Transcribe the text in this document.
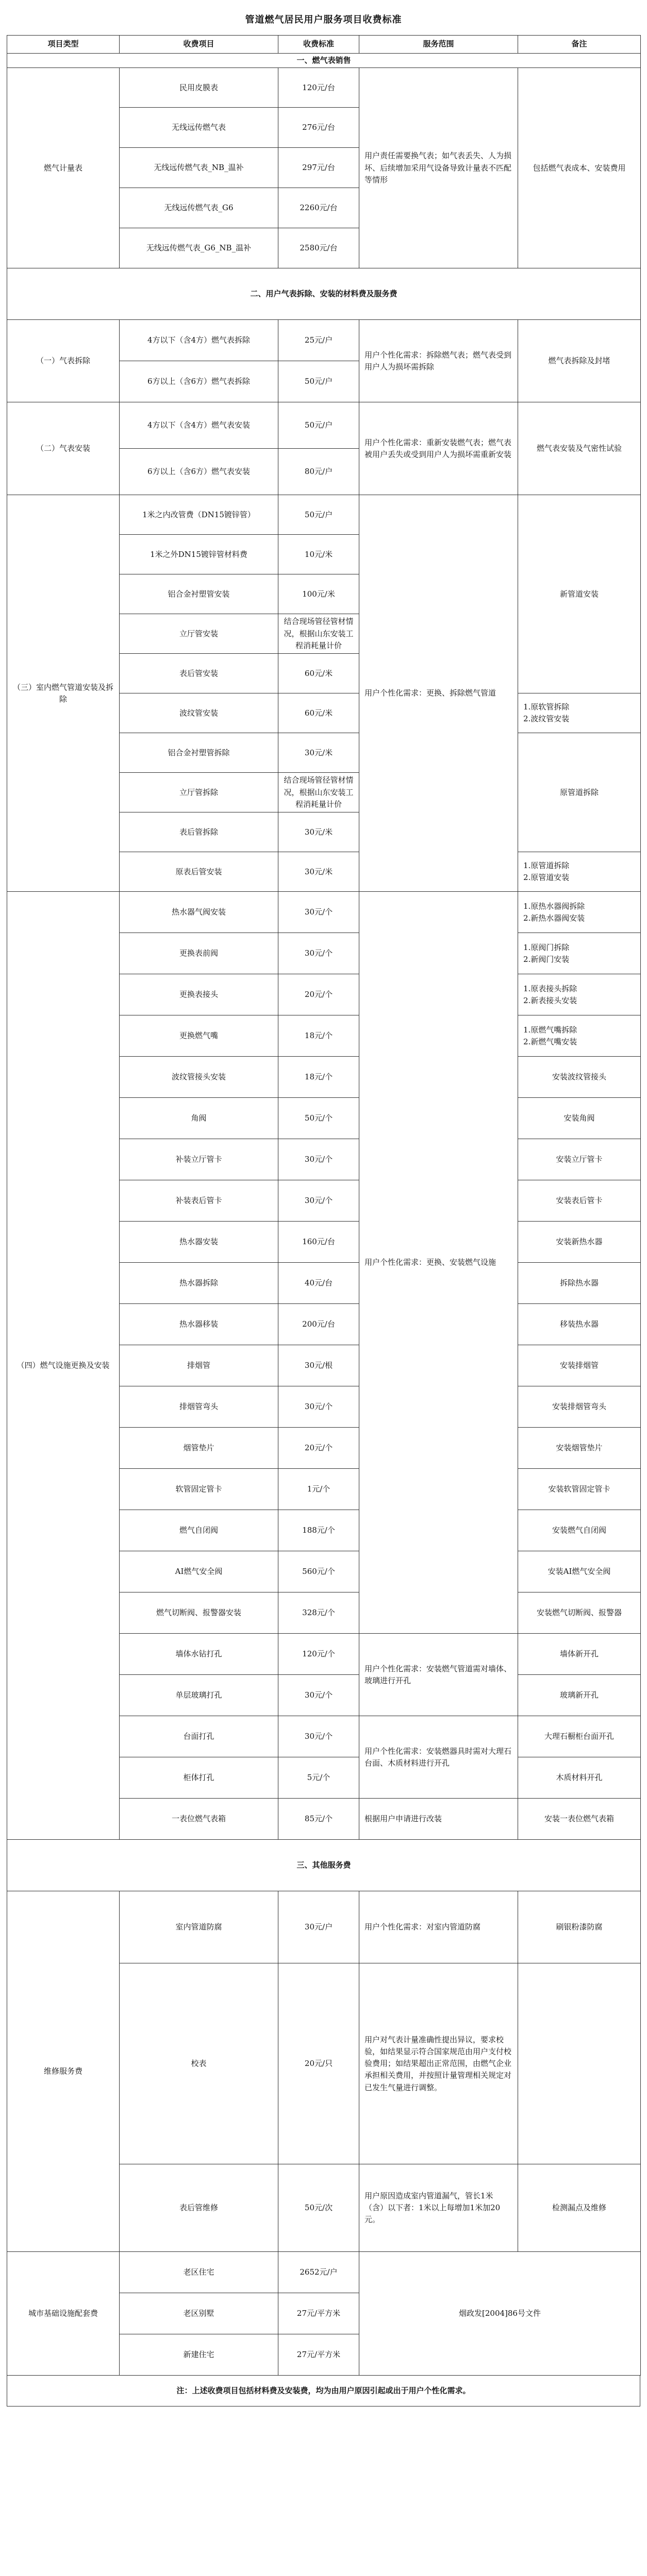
管道燃气居民用户服务项目收费标准
项目类型	收费项目	收费标准	服务范围	备注
一、燃气表销售				
燃气计量表	民用皮膜表	120元/台	用户责任需要换气表；如气表丢失、人为损坏、后续增加采用气设备导致计量表不匹配等情形	包括燃气表成本、安装费用
	无线远传燃气表	276元/台		
	无线远传燃气表_NB_温补	297元/台		
	无线远传燃气表_G6	2260元/台		
	无线远传燃气表_G6_NB_温补	2580元/台		
二、用户气表拆除、安装的材料费及服务费				
（一）气表拆除	4方以下（含4方）燃气表拆除	25元/户	用户个性化需求：拆除燃气表；燃气表受到用户人为损坏需拆除	燃气表拆除及封堵
	6方以上（含6方）燃气表拆除	50元/户		
（二）气表安装	4方以下（含4方）燃气表安装	50元/户	用户个性化需求：重新安装燃气表；燃气表被用户丢失或受到用户人为损坏需重新安装	燃气表安装及气密性试验
	6方以上（含6方）燃气表安装	80元/户		
（三）室内燃气管道安装及拆除	1米之内改管费（DN15镀锌管）	50元/户	用户个性化需求：更换、拆除燃气管道	新管道安装
	1米之外DN15镀锌管材料费	10元/米		
	铝合金衬塑管安装	100元/米		
	立厅管安装	结合现场管径管材情况，根据山东安装工程消耗量计价		
	表后管安装	60元/米		
	波纹管安装	60元/米		1.原软管拆除
2.波纹管安装
	铝合金衬塑管拆除	30元/米		原管道拆除
	立厅管拆除	结合现场管径管材情况，根据山东安装工程消耗量计价		
	表后管拆除	30元/米		
	原表后管安装	30元/米		1.原管道拆除
2.原管道安装
（四）燃气设施更换及安装	热水器气阀安装	30元/个	用户个性化需求：更换、安装燃气设施	1.原热水器阀拆除
2.新热水器阀安装
	更换表前阀	30元/个		1.原阀门拆除
2.新阀门安装
	更换表接头	20元/个		1.原表接头拆除
2.新表接头安装
	更换燃气嘴	18元/个		1.原燃气嘴拆除
2.新燃气嘴安装
	波纹管接头安装	18元/个		安装波纹管接头
	角阀	50元/个		安装角阀
	补装立厅管卡	30元/个		安装立厅管卡
	补装表后管卡	30元/个		安装表后管卡
	热水器安装	160元/台		安装新热水器
	热水器拆除	40元/台		拆除热水器
	热水器移装	200元/台		移装热水器
	排烟管	30元/根		安装排烟管
	排烟管弯头	30元/个		安装排烟管弯头
	烟管垫片	20元/个		安装烟管垫片
	软管固定管卡	1元/个		安装软管固定管卡
	燃气自闭阀	188元/个		安装燃气自闭阀
	AI燃气安全阀	560元/个		安装AI燃气安全阀
	燃气切断阀、报警器安装	328元/个		安装燃气切断阀、报警器
	墙体水钻打孔	120元/个	用户个性化需求：安装燃气管道需对墙体、玻璃进行开孔	墙体新开孔
	单层玻璃打孔	30元/个		玻璃新开孔
	台面打孔	30元/个	用户个性化需求：安装燃器具时需对大理石台面、木质材料进行开孔	大理石橱柜台面开孔
	柜体打孔	5元/个		木质材料开孔
	一表位燃气表箱	85元/个	根据用户申请进行改装	安装一表位燃气表箱
三、其他服务费				
维修服务费	室内管道防腐	30元/户	用户个性化需求：对室内管道防腐	刷银粉漆防腐
	校表	20元/只	用户对气表计量准确性提出异议，要求校验，如结果显示符合国家规范由用户支付校验费用；如结果超出正常范围，由燃气企业承担相关费用，并按照计量管理相关规定对已发生气量进行调整。	
	表后管维修	50元/次	用户原因造成室内管道漏气，管长1米（含）以下者：1米以上每增加1米加20元。	检测漏点及维修
城市基础设施配套费	老区住宅	2652元/户	烟政发[2004]86号文件	
	老区别墅	27元/平方米		
	新建住宅	27元/平方米		
注：上述收费项目包括材料费及安装费，均为由用户原因引起或出于用户个性化需求。
